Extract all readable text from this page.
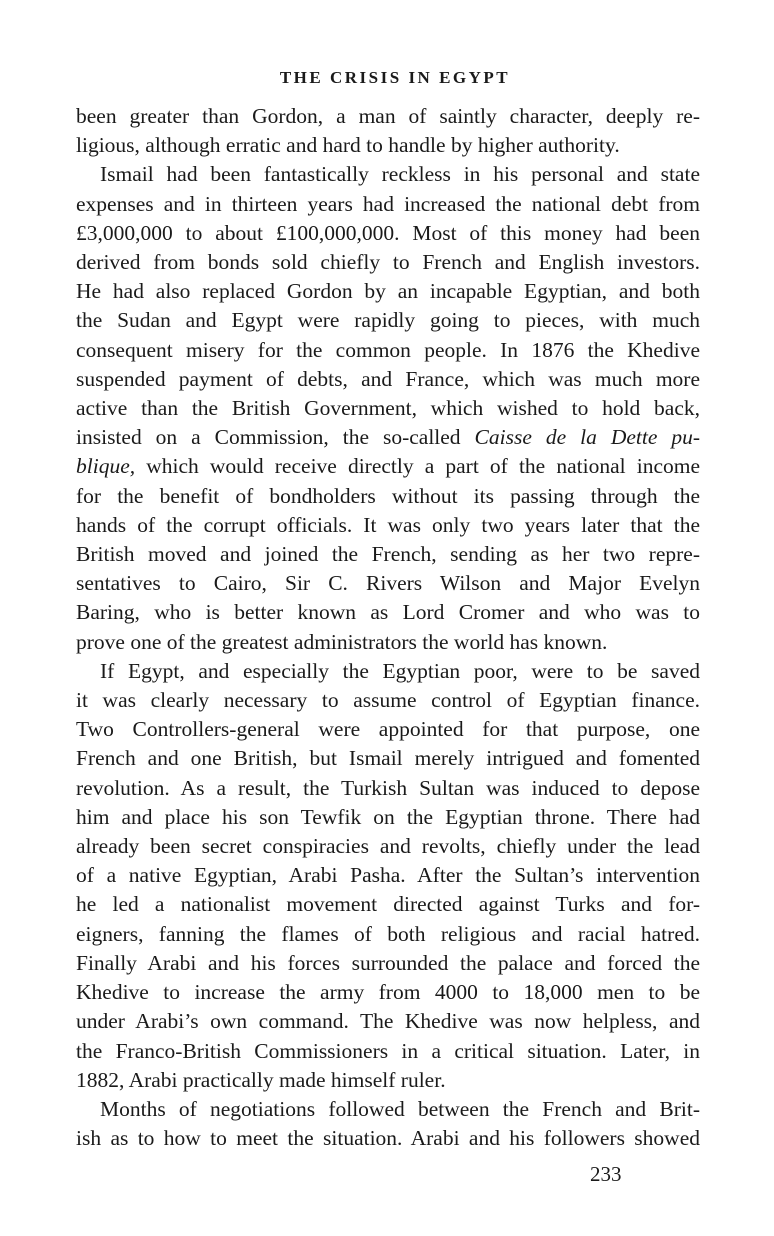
THE CRISIS IN EGYPT
been greater than Gordon, a man of saintly character, deeply re-
ligious, although erratic and hard to handle by higher authority.
Ismail had been fantastically reckless in his personal and state
expenses and in thirteen years had increased the national debt from
£3,000,000 to about £100,000,000. Most of this money had been
derived from bonds sold chiefly to French and English investors.
He had also replaced Gordon by an incapable Egyptian, and both
the Sudan and Egypt were rapidly going to pieces, with much
consequent misery for the common people. In 1876 the Khedive
suspended payment of debts, and France, which was much more
active than the British Government, which wished to hold back,
insisted on a Commission, the so-called Caisse de la Dette pu-
blique, which would receive directly a part of the national income
for the benefit of bondholders without its passing through the
hands of the corrupt officials. It was only two years later that the
British moved and joined the French, sending as her two repre-
sentatives to Cairo, Sir C. Rivers Wilson and Major Evelyn
Baring, who is better known as Lord Cromer and who was to
prove one of the greatest administrators the world has known.
If Egypt, and especially the Egyptian poor, were to be saved
it was clearly necessary to assume control of Egyptian finance.
Two Controllers-general were appointed for that purpose, one
French and one British, but Ismail merely intrigued and fomented
revolution. As a result, the Turkish Sultan was induced to depose
him and place his son Tewfik on the Egyptian throne. There had
already been secret conspiracies and revolts, chiefly under the lead
of a native Egyptian, Arabi Pasha. After the Sultan’s intervention
he led a nationalist movement directed against Turks and for-
eigners, fanning the flames of both religious and racial hatred.
Finally Arabi and his forces surrounded the palace and forced the
Khedive to increase the army from 4000 to 18,000 men to be
under Arabi’s own command. The Khedive was now helpless, and
the Franco-British Commissioners in a critical situation. Later, in
1882, Arabi practically made himself ruler.
Months of negotiations followed between the French and Brit-
ish as to how to meet the situation. Arabi and his followers showed
233
